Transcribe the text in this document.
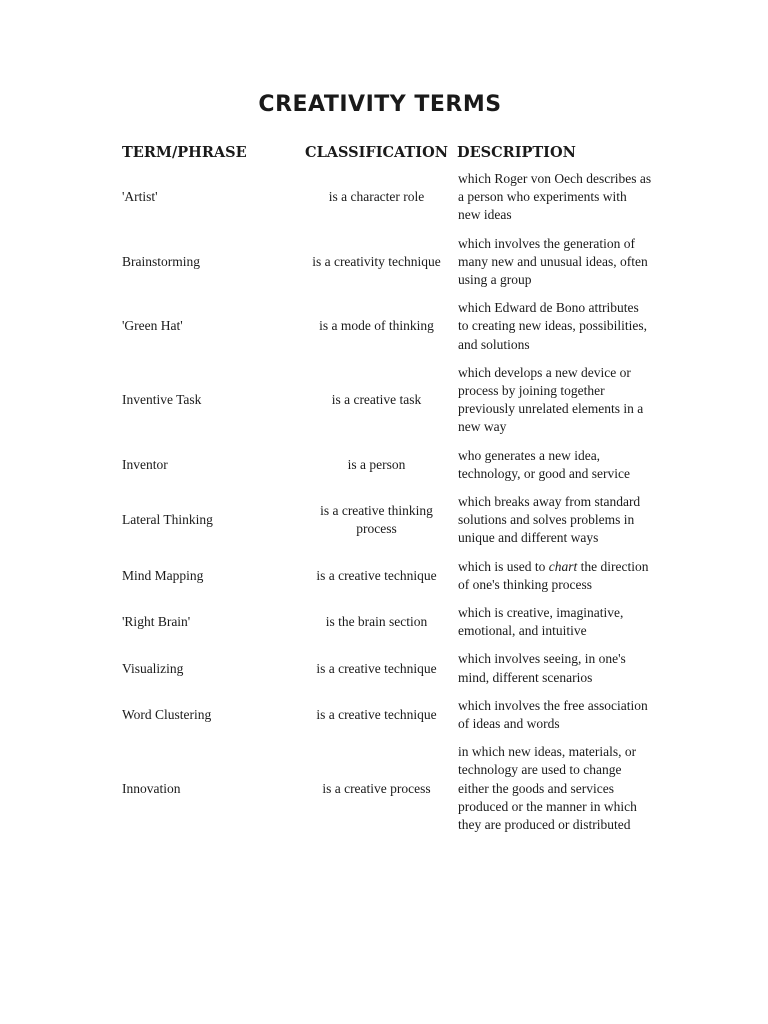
CREATIVITY TERMS
TERM/PHRASE	CLASSIFICATION	DESCRIPTION
'Artist'	is a character role	which Roger von Oech describes as a person who experiments with new ideas
Brainstorming	is a creativity technique	which involves the generation of many new and unusual ideas, often using a group
'Green Hat'	is a mode of thinking	which Edward de Bono attributes to creating new ideas, possibilities, and solutions
Inventive Task	is a creative task	which develops a new device or process by joining together previously unrelated elements in a new way
Inventor	is a person	who generates a new idea, technology, or good and service
Lateral Thinking	is a creative thinking process	which breaks away from standard solutions and solves problems in unique and different ways
Mind Mapping	is a creative technique	which is used to chart the direction of one's thinking process
'Right Brain'	is the brain section	which is creative, imaginative, emotional, and intuitive
Visualizing	is a creative technique	which involves seeing, in one's mind, different scenarios
Word Clustering	is a creative technique	which involves the free association of ideas and words
Innovation	is a creative process	in which new ideas, materials, or technology are used to change either the goods and services produced or the manner in which they are produced or distributed
